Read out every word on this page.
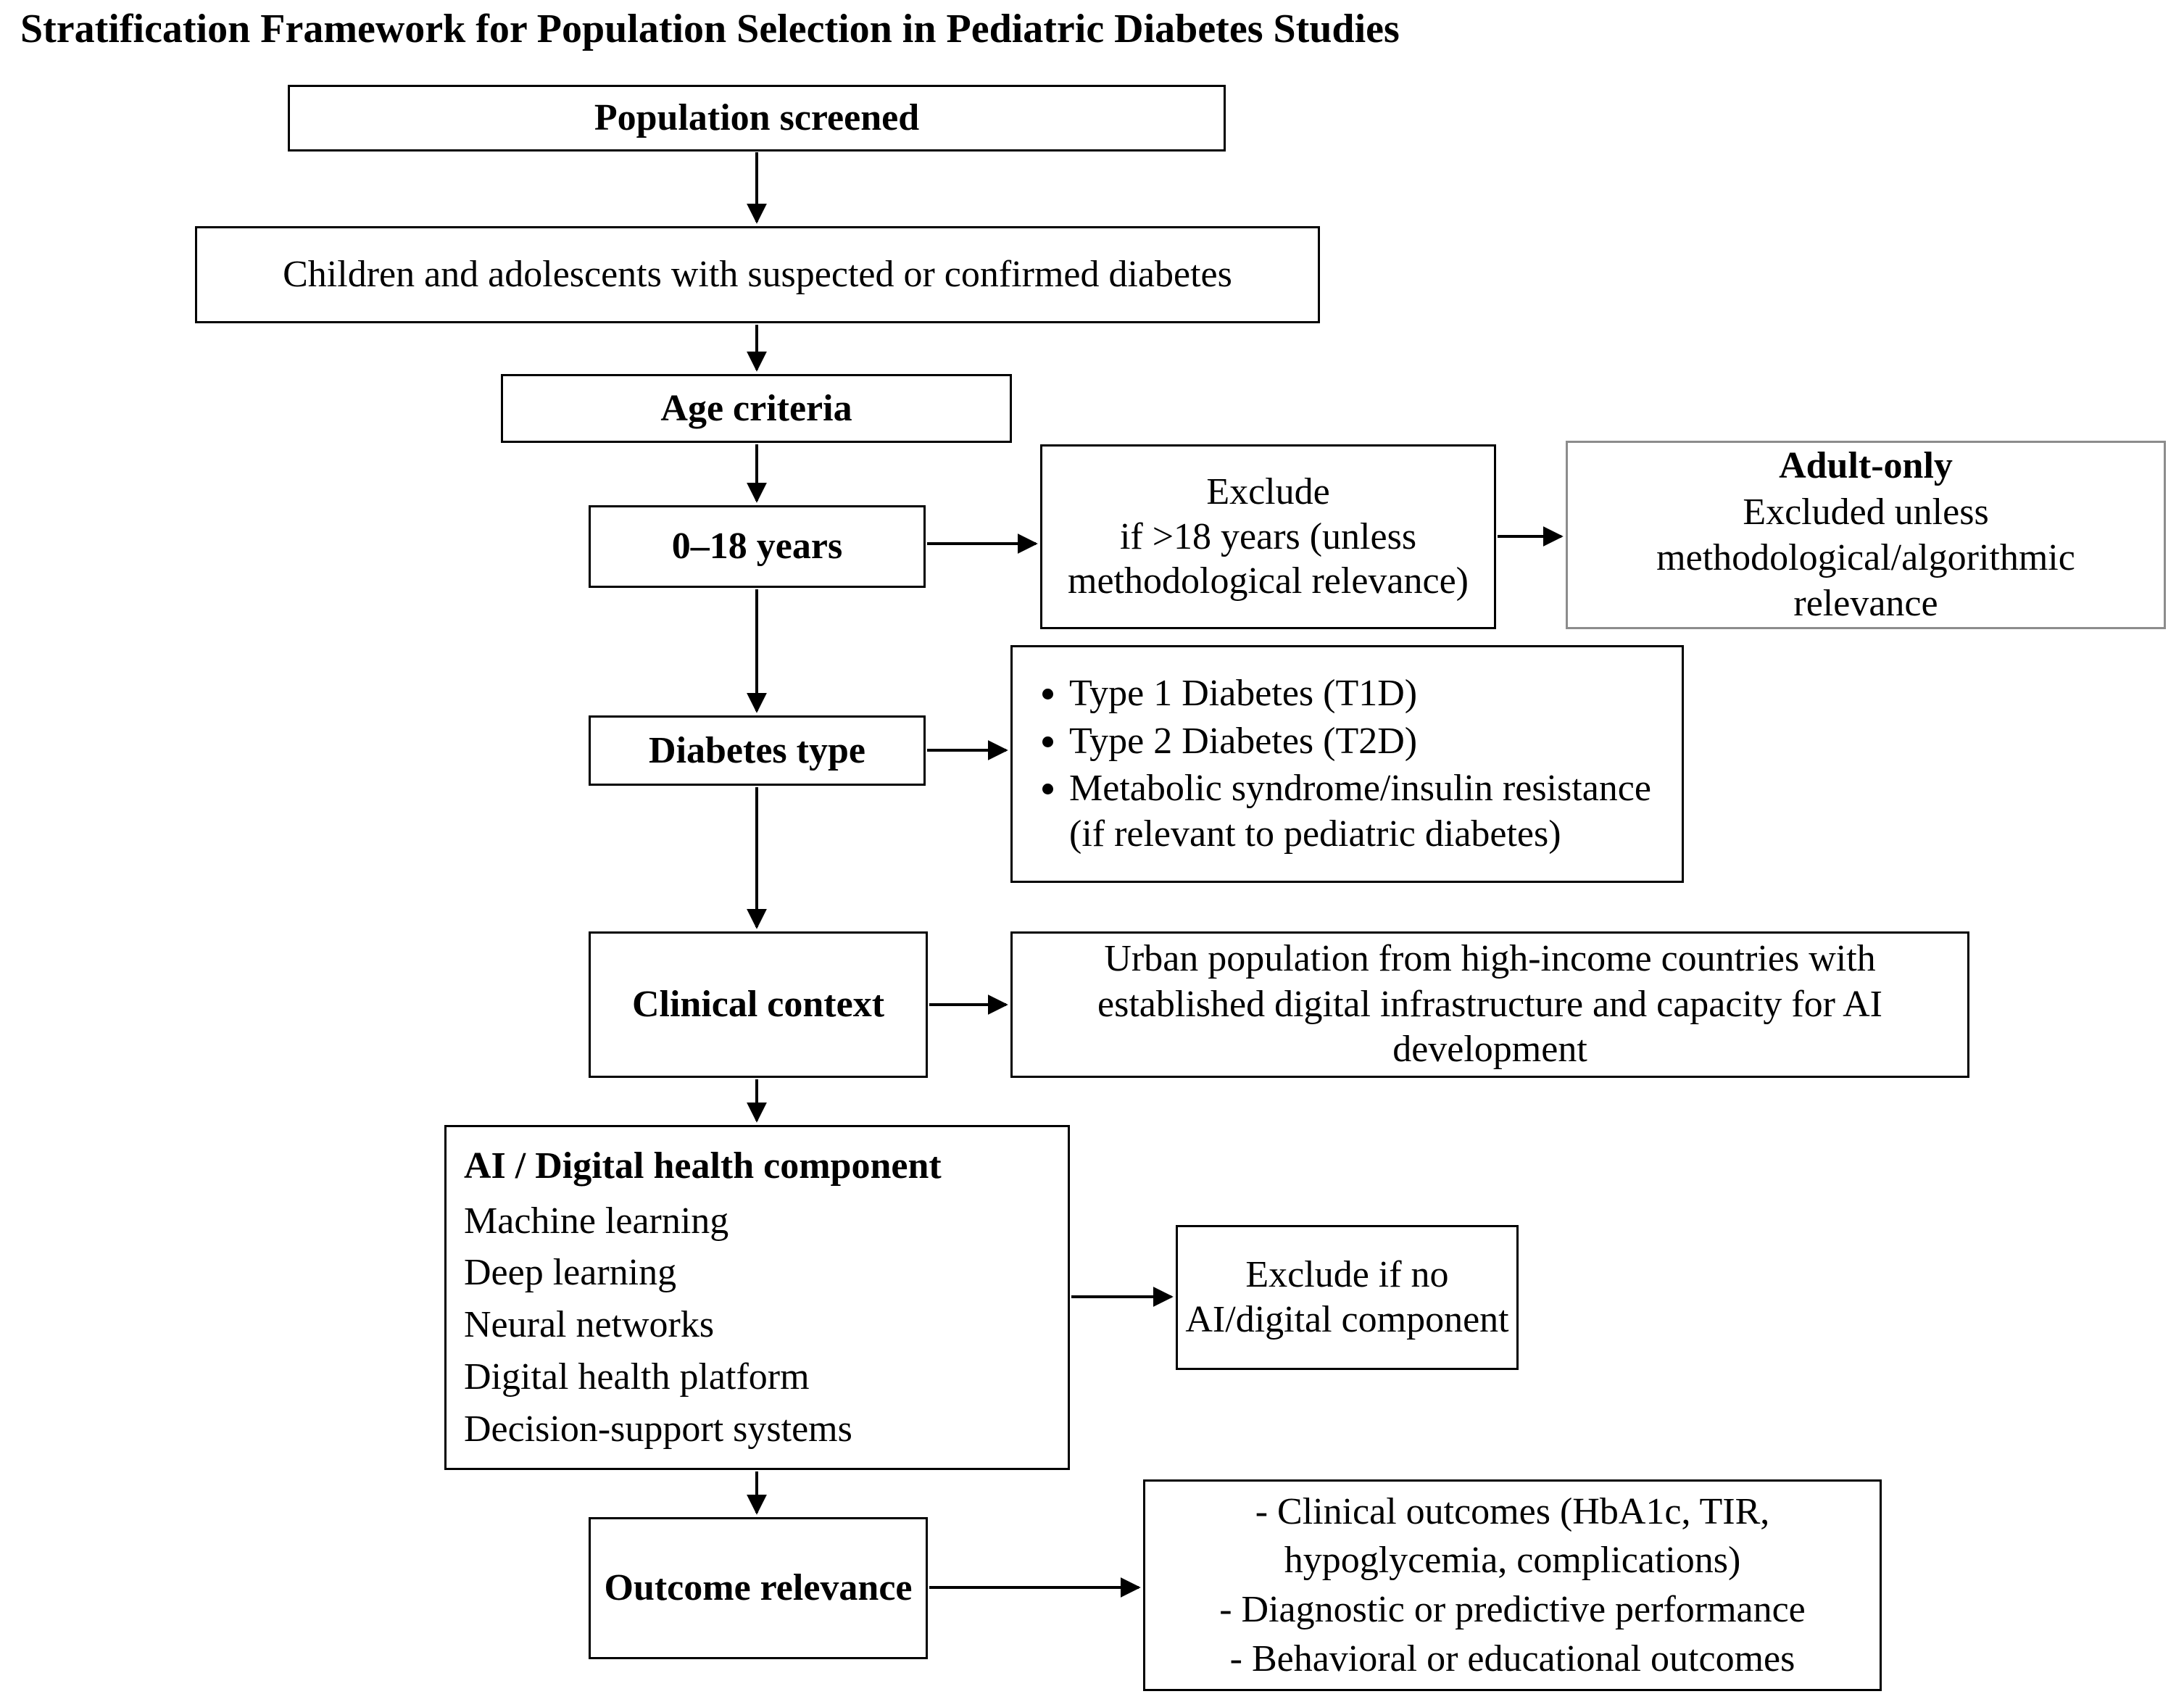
Stratification Framework for Population Selection in Pediatric Diabetes Studies
Population screened
Children and adolescents with suspected or confirmed diabetes
Age criteria
0–18 years
Exclude
if >18 years (unless methodological relevance)
Adult-only
Excluded unless methodological/algorithmic relevance
Diabetes type
• Type 1 Diabetes (T1D)
• Type 2 Diabetes (T2D)
• Metabolic syndrome/insulin resistance (if relevant to pediatric diabetes)
Clinical context
Urban population from high-income countries with established digital infrastructure and capacity for AI development
AI / Digital health component
Machine learning
Deep learning
Neural networks
Digital health platform
Decision-support systems
Exclude if no AI/digital component
Outcome relevance
- Clinical outcomes (HbA1c, TIR, hypoglycemia, complications)
- Diagnostic or predictive performance
- Behavioral or educational outcomes
